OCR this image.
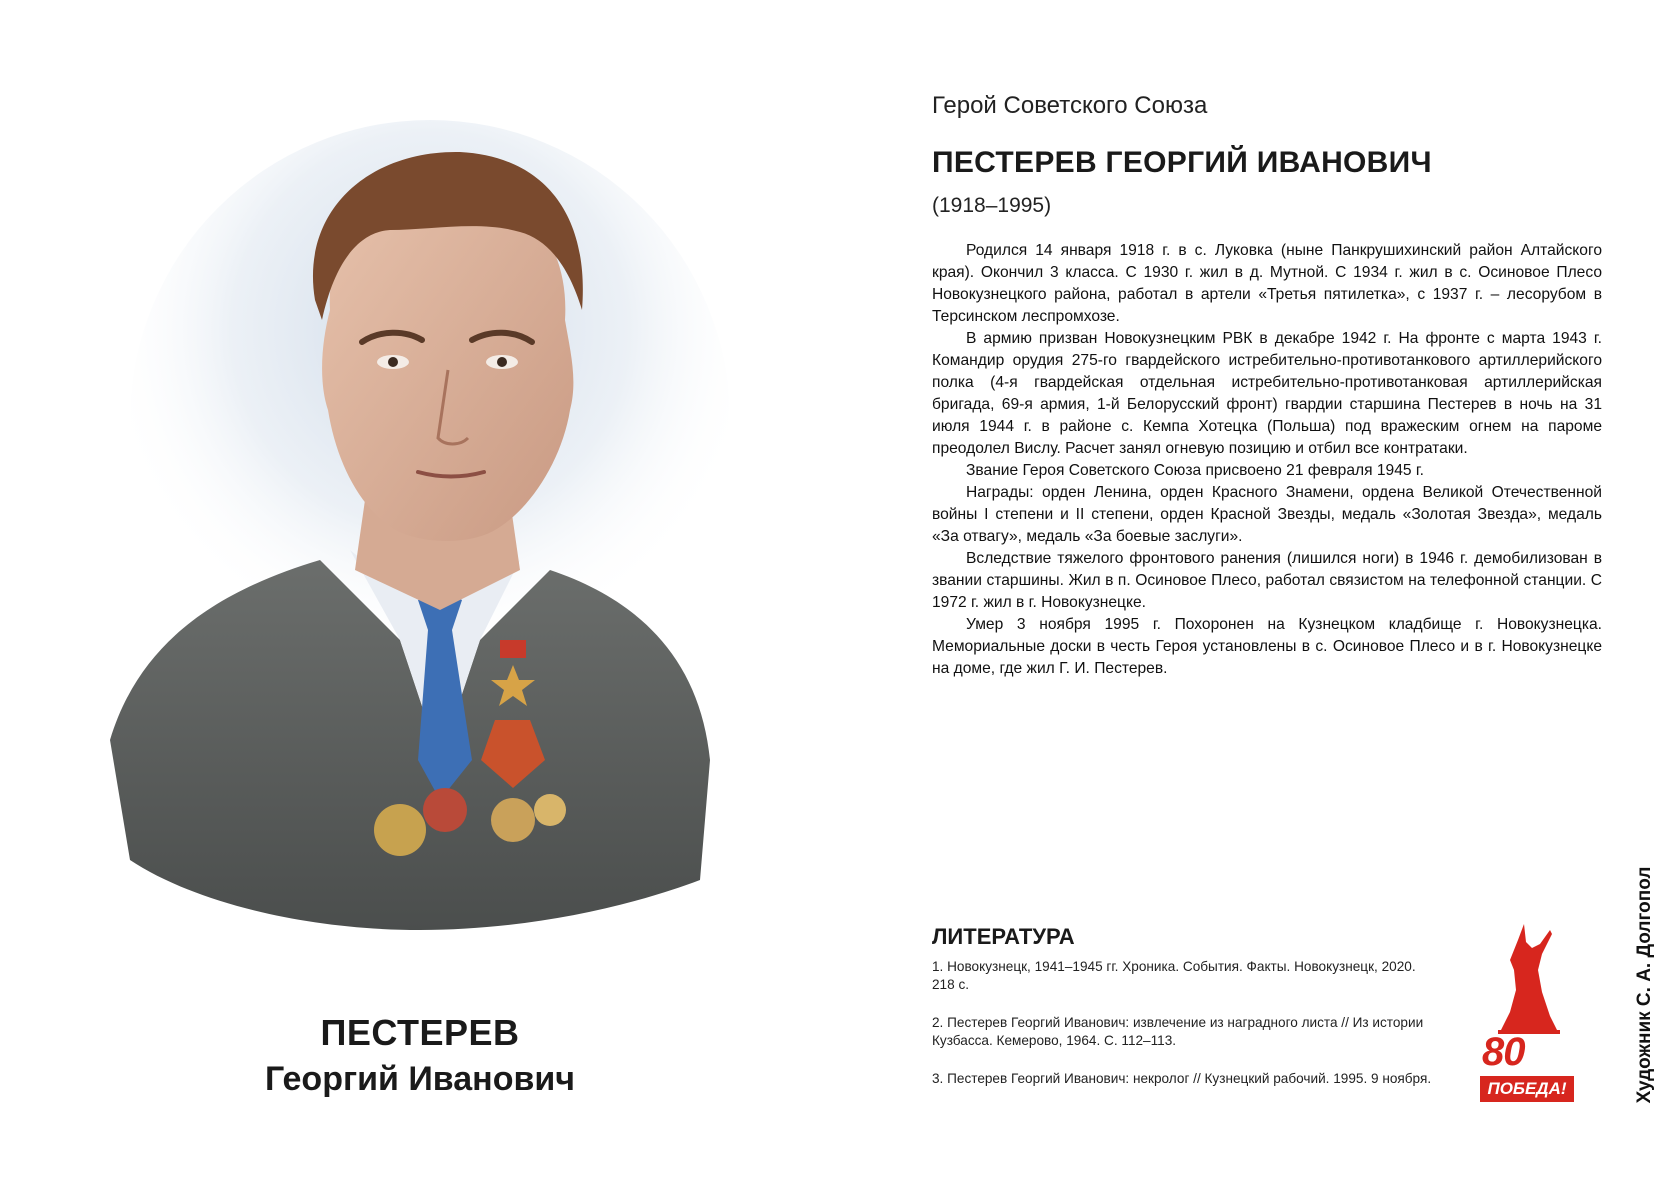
ПЕСТЕРЕВ
Георгий Иванович
Герой Советского Союза
ПЕСТЕРЕВ ГЕОРГИЙ ИВАНОВИЧ
(1918–1995)

Родился 14 января 1918 г. в с. Луковка (ныне Панкрушихинский район Алтайского края). Окончил 3 класса. С 1930 г. жил в д. Мутной. С 1934 г. жил в с. Осиновое Плесо Новокузнецкого района, работал в артели «Третья пятилетка», с 1937 г. – лесорубом в Терсинском леспромхозе.

В армию призван Новокузнецким РВК в декабре 1942 г. На фронте с марта 1943 г. Командир орудия 275-го гвардейского истребительно-противотанкового артиллерийского полка (4-я гвардейская отдельная истребительно-противотанковая артиллерийская бригада, 69-я армия, 1-й Белорусский фронт) гвардии старшина Пестерев в ночь на 31 июля 1944 г. в районе с. Кемпа Хотецка (Польша) под вражеским огнем на пароме преодолел Вислу. Расчет занял огневую позицию и отбил все контратаки.

Звание Героя Советского Союза присвоено 21 февраля 1945 г.

Награды: орден Ленина, орден Красного Знамени, ордена Великой Отечественной войны I степени и II степени, орден Красной Звезды, медаль «Золотая Звезда», медаль «За отвагу», медаль «За боевые заслуги».

Вследствие тяжелого фронтового ранения (лишился ноги) в 1946 г. демобилизован в звании старшины. Жил в п. Осиновое Плесо, работал связистом на телефонной станции. С 1972 г. жил в г. Новокузнецке.

Умер 3 ноября 1995 г. Похоронен на Кузнецком кладбище г. Новокузнецка. Мемориальные доски в честь Героя установлены в с. Осиновое Плесо и в г. Новокузнецке на доме, где жил Г. И. Пестерев.

ЛИТЕРАТУРА

1. Новокузнецк, 1941–1945 гг. Хроника. События. Факты. Новокузнецк, 2020. 218 с.

2. Пестерев Георгий Иванович: извлечение из наградного листа // Из истории Кузбасса. Кемерово, 1964. С. 112–113.

3. Пестерев Георгий Иванович: некролог // Кузнецкий рабочий. 1995. 9 ноября.

80
ПОБЕДА!	Художник С. А. Долгопол
